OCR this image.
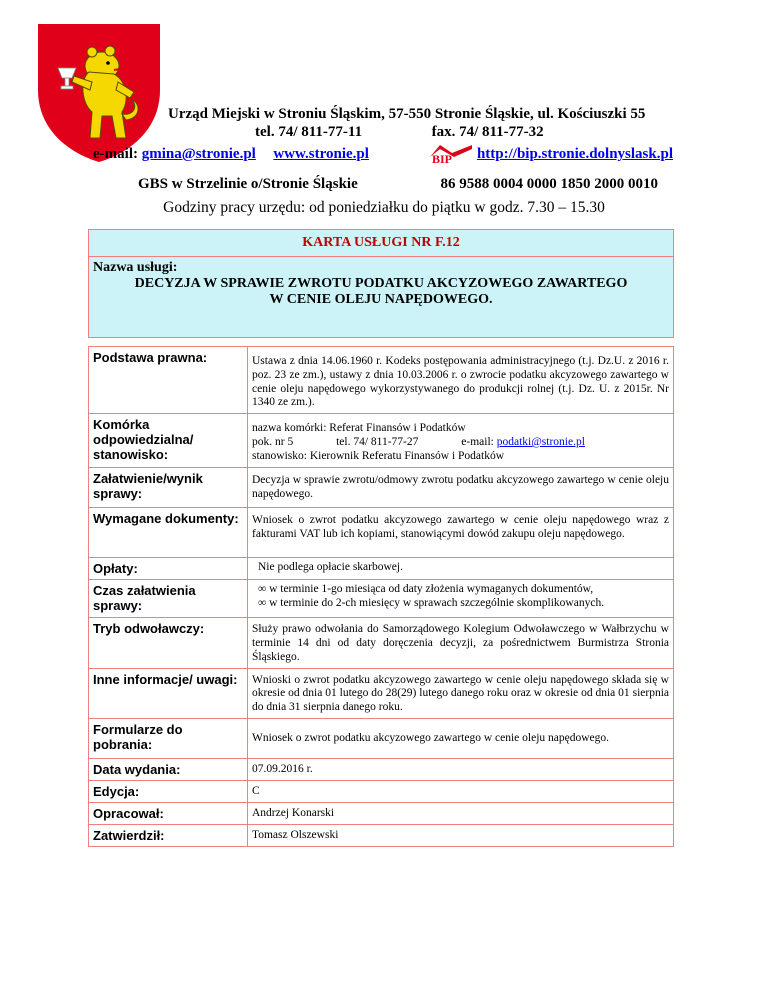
Urząd Miejski w Stroniu Śląskim, 57-550 Stronie Śląskie, ul. Kościuszki 55
tel. 74/ 811-77-11	fax. 74/ 811-77-32
e-mail: gmina@stronie.pl www.stronie.pl	http://bip.stronie.dolnyslask.pl
BIP
GBS w Strzelinie o/Stronie Śląskie	86 9588 0004 0000 1850 2000 0010
Godziny pracy urzędu: od poniedziałku do piątku w godz. 7.30 – 15.30
KARTA USŁUGI NR F.12	

Nazwa usługi:
DECYZJA W SPRAWIE ZWROTU PODATKU AKCYZOWEGO ZAWARTEGO
W CENIE OLEJU NAPĘDOWEGO.	

Podstawa prawna:	Ustawa z dnia 14.06.1960 r. Kodeks postępowania administracyjnego (t.j. Dz.U. z 2016 r. poz. 23 ze zm.), ustawy z dnia 10.03.2006 r. o zwrocie podatku akcyzowego zawartego w cenie oleju napędowego wykorzystywanego do produkcji rolnej (t.j. Dz. U. z 2015r. Nr 1340 ze zm.).
Komórka odpowiedzialna/ stanowisko:	nazwa komórki: Referat Finansów i Podatków
pok. nr 5 tel. 74/ 811-77-27 e-mail: podatki@stronie.pl
stanowisko: Kierownik Referatu Finansów i Podatków

Załatwienie/wynik sprawy:	Decyzja w sprawie zwrotu/odmowy zwrotu podatku akcyzowego zawartego w cenie oleju napędowego.
Wymagane dokumenty:	Wniosek o zwrot podatku akcyzowego zawartego w cenie oleju napędowego wraz z fakturami VAT lub ich kopiami, stanowiącymi dowód zakupu oleju napędowego.
Opłaty:	Nie podlega opłacie skarbowej.
Czas załatwienia sprawy:	∞ w terminie 1-go miesiąca od daty złożenia wymaganych dokumentów,
∞ w terminie do 2-ch miesięcy w sprawach szczególnie skomplikowanych.

Tryb odwoławczy:	Służy prawo odwołania do Samorządowego Kolegium Odwoławczego w Wałbrzychu w terminie 14 dni od daty doręczenia decyzji, za pośrednictwem Burmistrza Stronia Śląskiego.
Inne informacje/ uwagi:	Wnioski o zwrot podatku akcyzowego zawartego w cenie oleju napędowego składa się w okresie od dnia 01 lutego do 28(29) lutego danego roku oraz w okresie od dnia 01 sierpnia do dnia 31 sierpnia danego roku.
Formularze do pobrania:	Wniosek o zwrot podatku akcyzowego zawartego w cenie oleju napędowego.
Data wydania:	07.09.2016 r.
Edycja:	C
Opracował:	Andrzej Konarski
Zatwierdził:	Tomasz Olszewski
